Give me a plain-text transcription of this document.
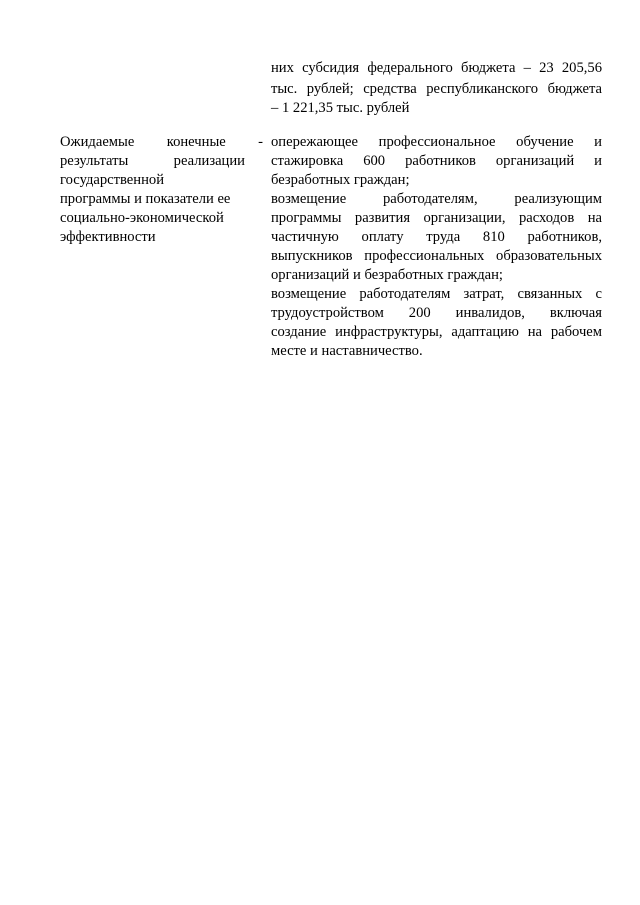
них субсидия федерального бюджета – 23 205,56

тыс. рублей; средства республиканского бюджета

– 1 221,35 тыс. рублей

Ожидаемые конечные -

результаты реализации

государственной

программы и показатели ее

социально-экономической

эффективности

опережающее профессиональное обучение и

стажировка 600 работников организаций и

безработных граждан;

возмещение работодателям, реализующим

программы развития организации, расходов на

частичную оплату труда 810 работников,

выпускников профессиональных образовательных

организаций и безработных граждан;

возмещение работодателям затрат, связанных с

трудоустройством 200 инвалидов, включая

создание инфраструктуры, адаптацию на рабочем

месте и наставничество.
